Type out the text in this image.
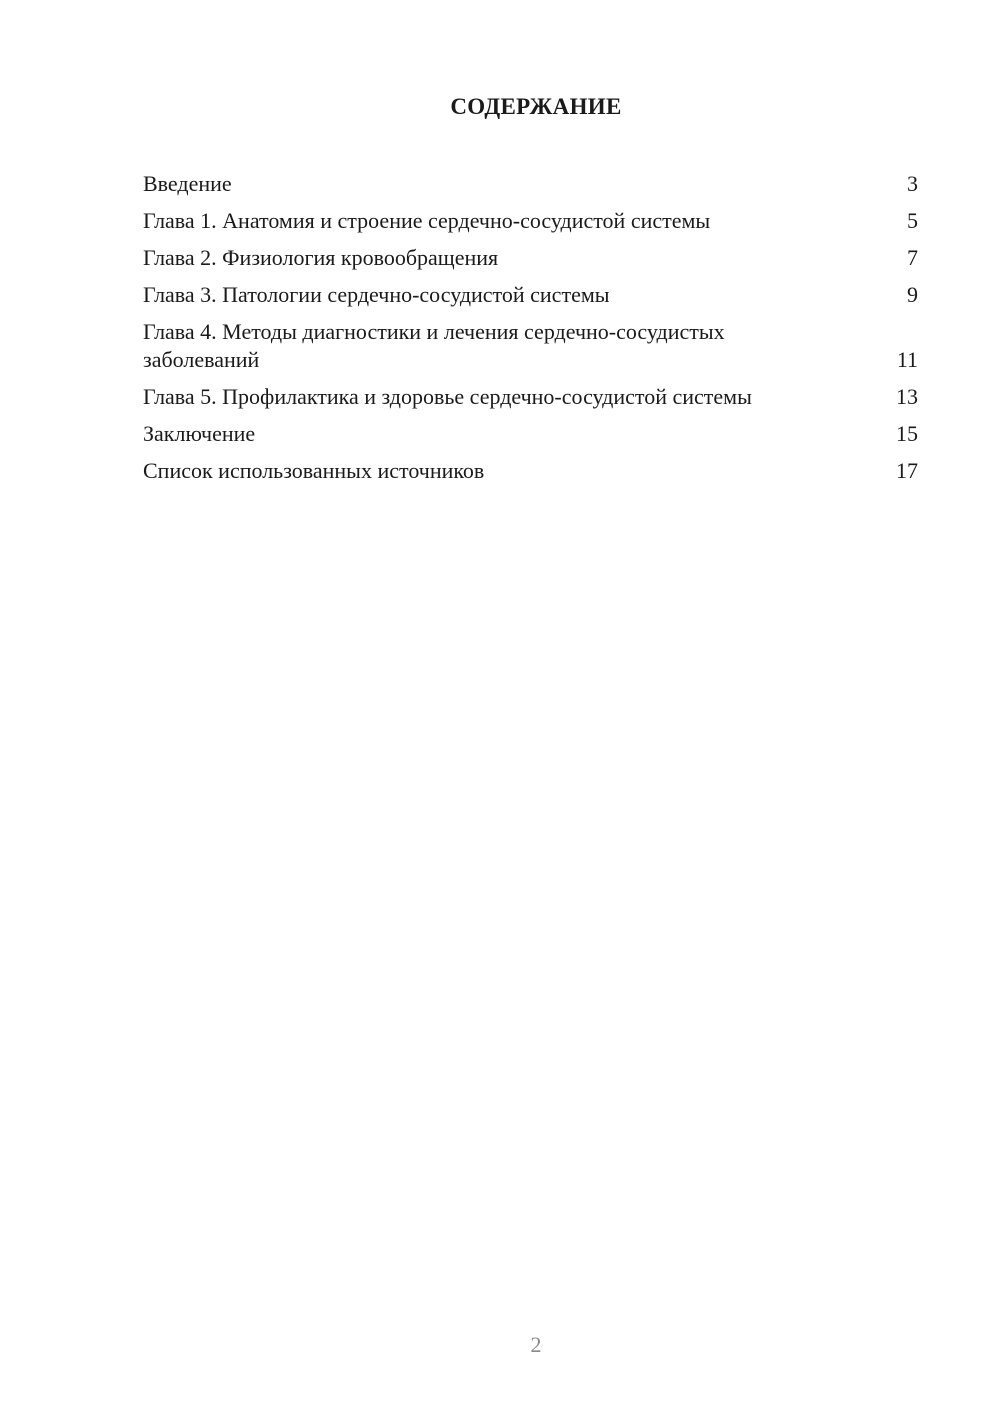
СОДЕРЖАНИЕ
Введение	3
Глава 1. Анатомия и строение сердечно-сосудистой системы	5
Глава 2. Физиология кровообращения	7
Глава 3. Патологии сердечно-сосудистой системы	9
Глава 4. Методы диагностики и лечения сердечно-сосудистых заболеваний	11
Глава 5. Профилактика и здоровье сердечно-сосудистой системы	13
Заключение	15
Список использованных источников	17
2
